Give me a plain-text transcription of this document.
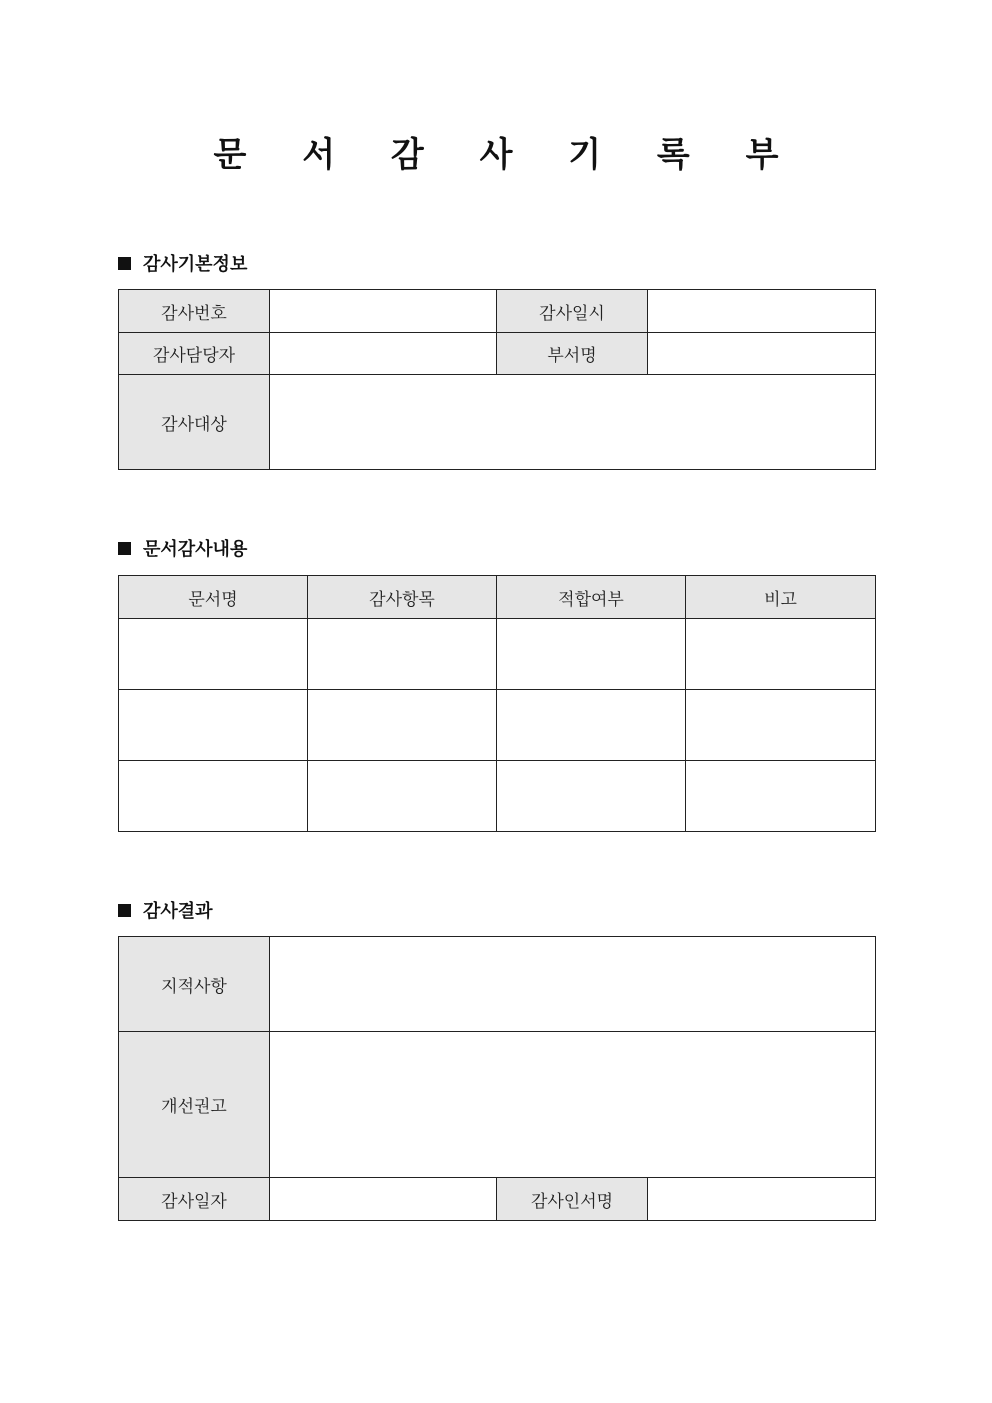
문 서 감 사 기 록 부
감사기본정보
감사번호		감사일시	
감사담당자		부서명	
감사대상			
문서감사내용
문서명	감사항목	적합여부	비고

감사결과
지적사항			
개선권고			
감사일자		감사인서명	
